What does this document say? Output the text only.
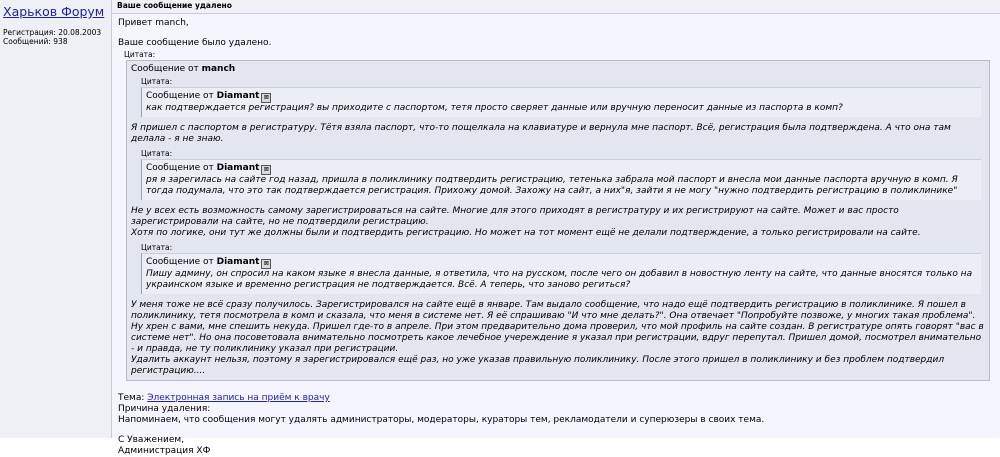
Харьков Форум
Регистрация: 20.08.2003
Сообщений: 938
Ваше сообщение удалено
Привет manch,
Ваше сообщение было удалено.
Цитата:
Сообщение от manch
Цитата:
Сообщение от Diamant ⊠
как подтверждается регистрация? вы приходите с паспортом, тетя просто сверяет данные или вручную переносит данные из паспорта в комп?
Я пришел с паспортом в регистратуру. Тётя взяла паспорт, что-то пощелкала на клавиатуре и вернула мне паспорт. Всё, регистрация была подтверждена. А что она там делала - я не знаю.
Цитата:
Сообщение от Diamant ⊠
ря я зарегилась на сайте год назад, пришла в поликлинику подтвердить регистрацию, тетенька забрала мой паспорт и внесла мои данные паспорта вручную в комп. Я тогда подумала, что это так подтверждается регистрация. Прихожу домой. Захожу на сайт, а них"я, зайти я не могу "нужно подтвердить регистрацию в поликлинике"
Не у всех есть возможность самому зарегистрироваться на сайте. Многие для этого приходят в регистратуру и их регистрируют на сайте. Может и вас просто зарегистрировали на сайте, но не подтвердили регистрацию.
Хотя по логике, они тут же должны были и подтвердить регистрацию. Но может на тот момент ещё не делали подтверждение, а только регистрировали на сайте.
Цитата:
Сообщение от Diamant ⊠
Пишу админу, он спросил на каком языке я внесла данные, я ответила, что на русском, после чего он добавил в новостную ленту на сайте, что данные вносятся только на украинском языке и временно регистрация не подтверждается. Всё. А теперь, что заново региться?
У меня тоже не всё сразу получилось. Зарегистрировался на сайте ещё в январе. Там выдало сообщение, что надо ещё подтвердить регистрацию в поликлинике. Я пошел в поликлинику, тетя посмотрела в комп и сказала, что меня в системе нет. Я её спрашиваю "И что мне делать?". Она отвечает "Попробуйте позвоже, у многих такая проблема". Ну хрен с вами, мне спешить некуда. Пришел где-то в апреле. При этом предварительно дома проверил, что мой профиль на сайте создан. В регистратуре опять говорят "вас в системе нет". Но она посоветовала внимательно посмотреть какое лечебное учереждение я указал при регистрации, вдруг перепутал. Пришел домой, посмотрел внимательно - и правда, не ту поликлинику указал при регистрации.
Удалить аккаунт нельзя, поэтому я зарегистрировался ещё раз, но уже указав правильную поликлинику. После этого пришел в поликлинику и без проблем подтвердил регистрацию....
Тема: Электронная запись на приём к врачу
Причина удаления:
Напоминаем, что сообщения могут удалять администраторы, модераторы, кураторы тем, рекламодатели и суперюзеры в своих тема.
С Уважением,
Администрация ХФ
